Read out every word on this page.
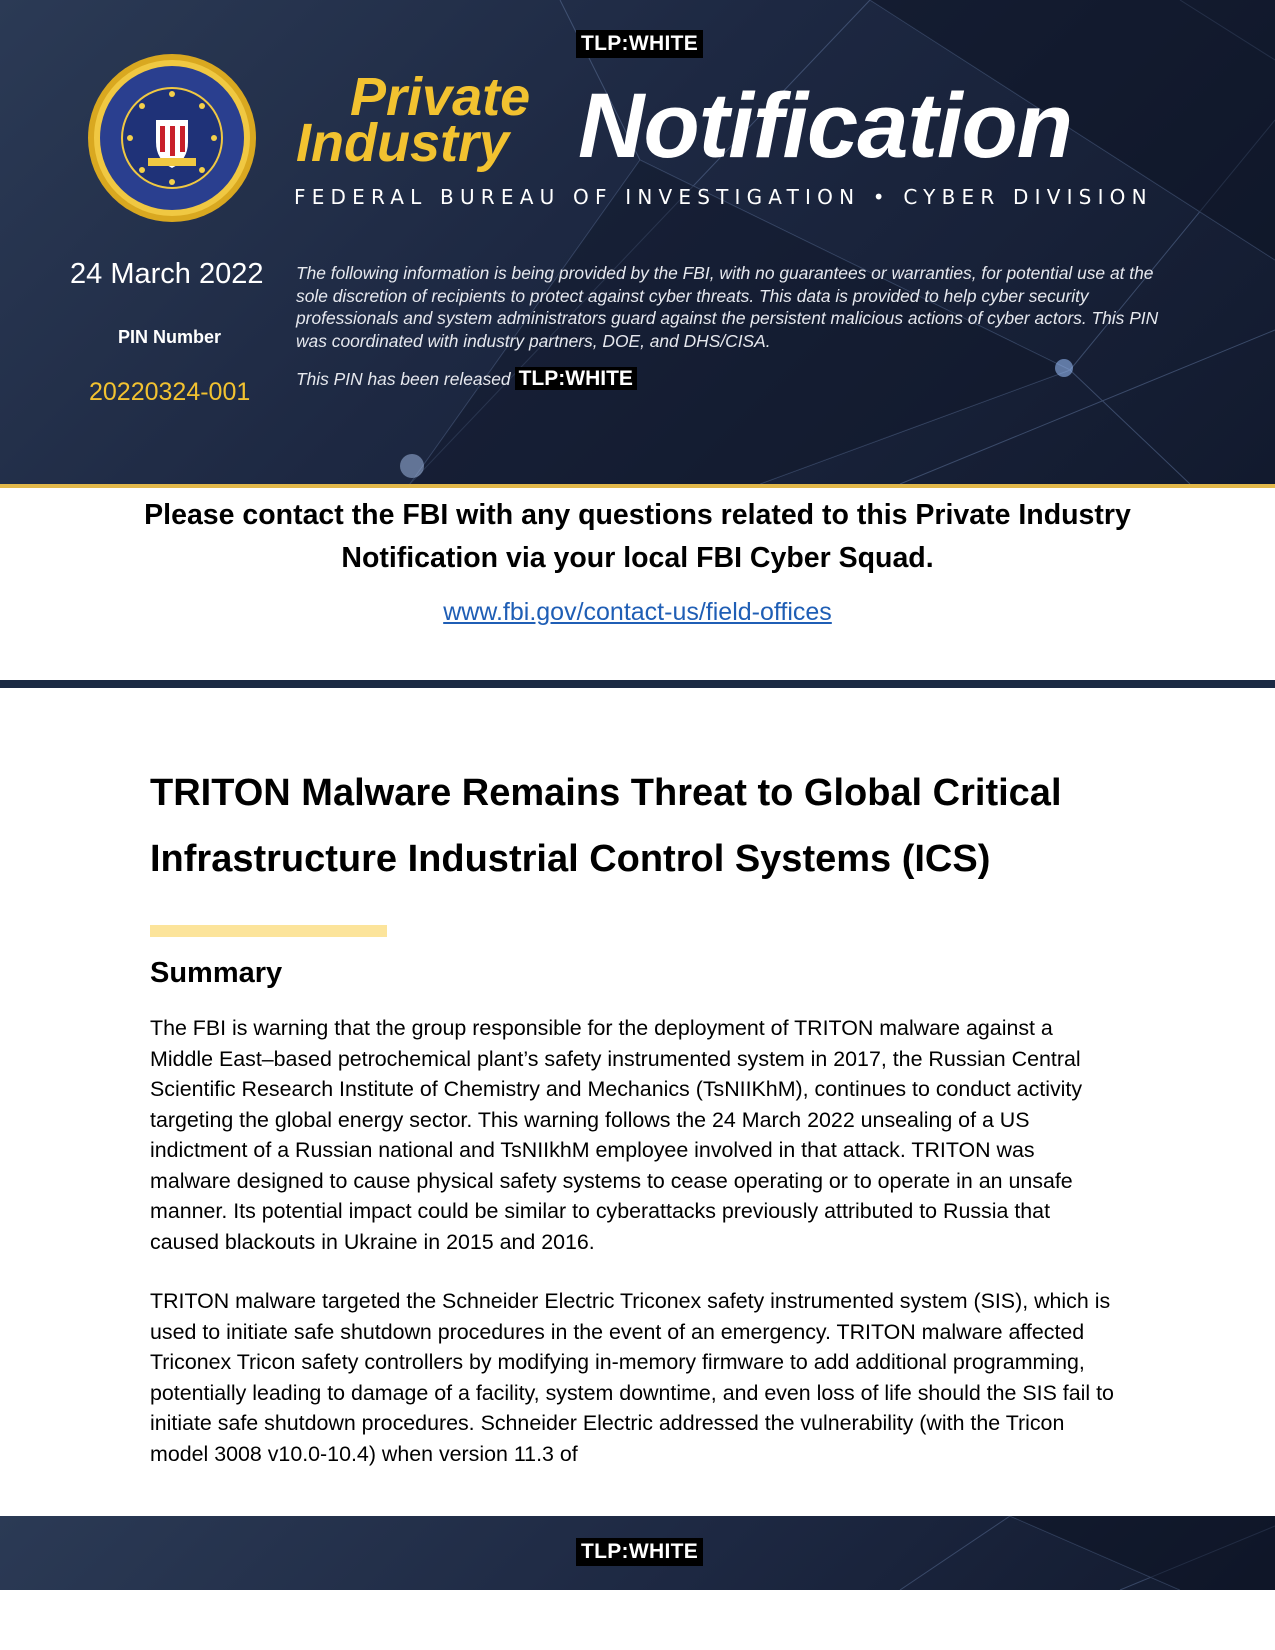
TLP:WHITE
Private
Industry Notification
FEDERAL BUREAU OF INVESTIGATION • CYBER DIVISION
24 March 2022
PIN Number
20220324-001
The following information is being provided by the FBI, with no guarantees or warranties, for potential use at the sole discretion of recipients to protect against cyber threats. This data is provided to help cyber security professionals and system administrators guard against the persistent malicious actions of cyber actors. This PIN was coordinated with industry partners, DOE, and DHS/CISA.
This PIN has been released TLP:WHITE
Please contact the FBI with any questions related to this Private Industry Notification via your local FBI Cyber Squad.
www.fbi.gov/contact-us/field-offices
TRITON Malware Remains Threat to Global Critical Infrastructure Industrial Control Systems (ICS)
Summary
The FBI is warning that the group responsible for the deployment of TRITON malware against a Middle East–based petrochemical plant’s safety instrumented system in 2017, the Russian Central Scientific Research Institute of Chemistry and Mechanics (TsNIIKhM), continues to conduct activity targeting the global energy sector. This warning follows the 24 March 2022 unsealing of a US indictment of a Russian national and TsNIIkhM employee involved in that attack. TRITON was malware designed to cause physical safety systems to cease operating or to operate in an unsafe manner. Its potential impact could be similar to cyberattacks previously attributed to Russia that caused blackouts in Ukraine in 2015 and 2016.
TRITON malware targeted the Schneider Electric Triconex safety instrumented system (SIS), which is used to initiate safe shutdown procedures in the event of an emergency. TRITON malware affected Triconex Tricon safety controllers by modifying in-memory firmware to add additional programming, potentially leading to damage of a facility, system downtime, and even loss of life should the SIS fail to initiate safe shutdown procedures. Schneider Electric addressed the vulnerability (with the Tricon model 3008 v10.0-10.4) when version 11.3 of
TLP:WHITE
